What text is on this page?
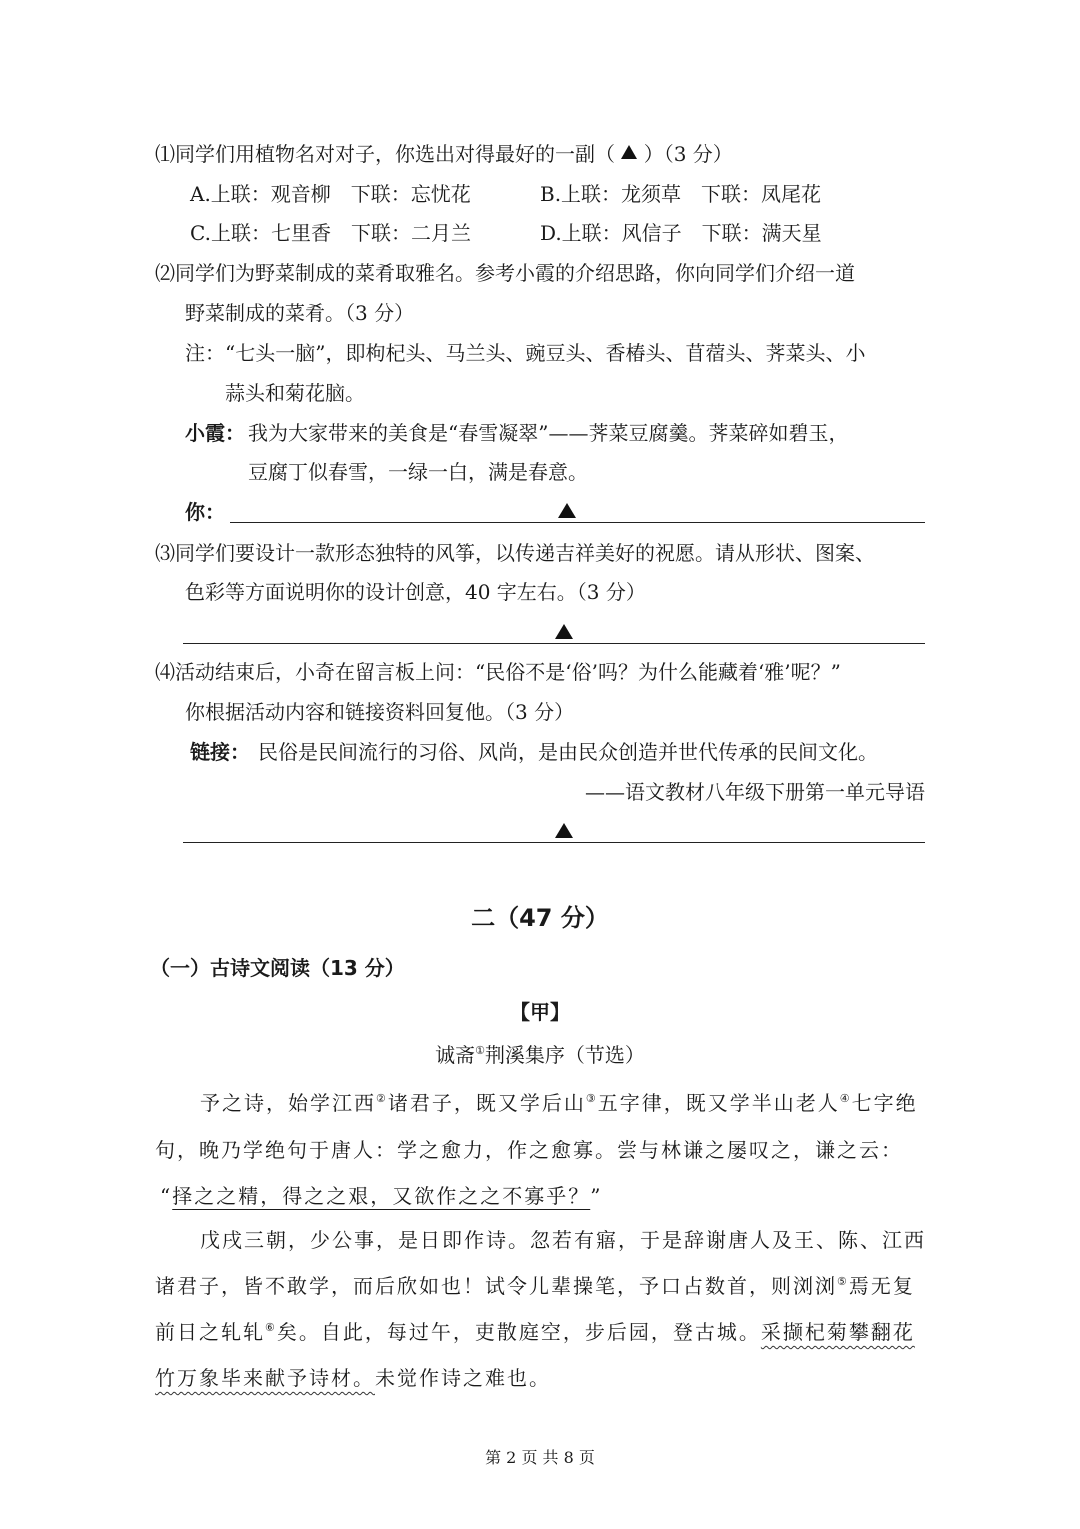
⑴同学们用植物名对对子，你选出对得最好的一副（ ）（3 分）
A.上联：观音柳　下联：忘忧花	B.上联：龙须草　下联：凤尾花
C.上联：七里香　下联：二月兰	D.上联：风信子　下联：满天星
⑵同学们为野菜制成的菜肴取雅名。参考小霞的介绍思路，你向同学们介绍一道
野菜制成的菜肴。（3 分）
注：“七头一脑”，即枸杞头、马兰头、豌豆头、香椿头、苜蓿头、荠菜头、小
蒜头和菊花脑。
小霞： 我为大家带来的美食是“春雪凝翠”——荠菜豆腐羹。荠菜碎如碧玉，
豆腐丁似春雪，一绿一白，满是春意。
你：
⑶同学们要设计一款形态独特的风筝，以传递吉祥美好的祝愿。请从形状、图案、
色彩等方面说明你的设计创意，40 字左右。（3 分）
⑷活动结束后，小奇在留言板上问：“民俗不是‘俗’吗？为什么能藏着‘雅’呢？”
你根据活动内容和链接资料回复他。（3 分）
链接： 民俗是民间流行的习俗、风尚，是由民众创造并世代传承的民间文化。
——语文教材八年级下册第一单元导语
二（47 分）
（一）古诗文阅读（13 分）
【甲】
诚斋①荆溪集序（节选）
予之诗，始学江西②诸君子，既又学后山③五字律，既又学半山老人④七字绝
句，晚乃学绝句于唐人：学之愈力，作之愈寡。尝与林谦之屡叹之，谦之云：
“择之之精，得之之艰，又欲作之之不寡乎？”
戊戌三朝，少公事，是日即作诗。忽若有寤，于是辞谢唐人及王、陈、江西
诸君子，皆不敢学，而后欣如也！试令儿辈操笔，予口占数首，则浏浏⑤焉无复
前日之轧轧⑥矣。自此，每过午，吏散庭空，步后园，登古城。采撷杞菊攀翻花
竹万象毕来献予诗材。未觉作诗之难也。
第 2 页 共 8 页
